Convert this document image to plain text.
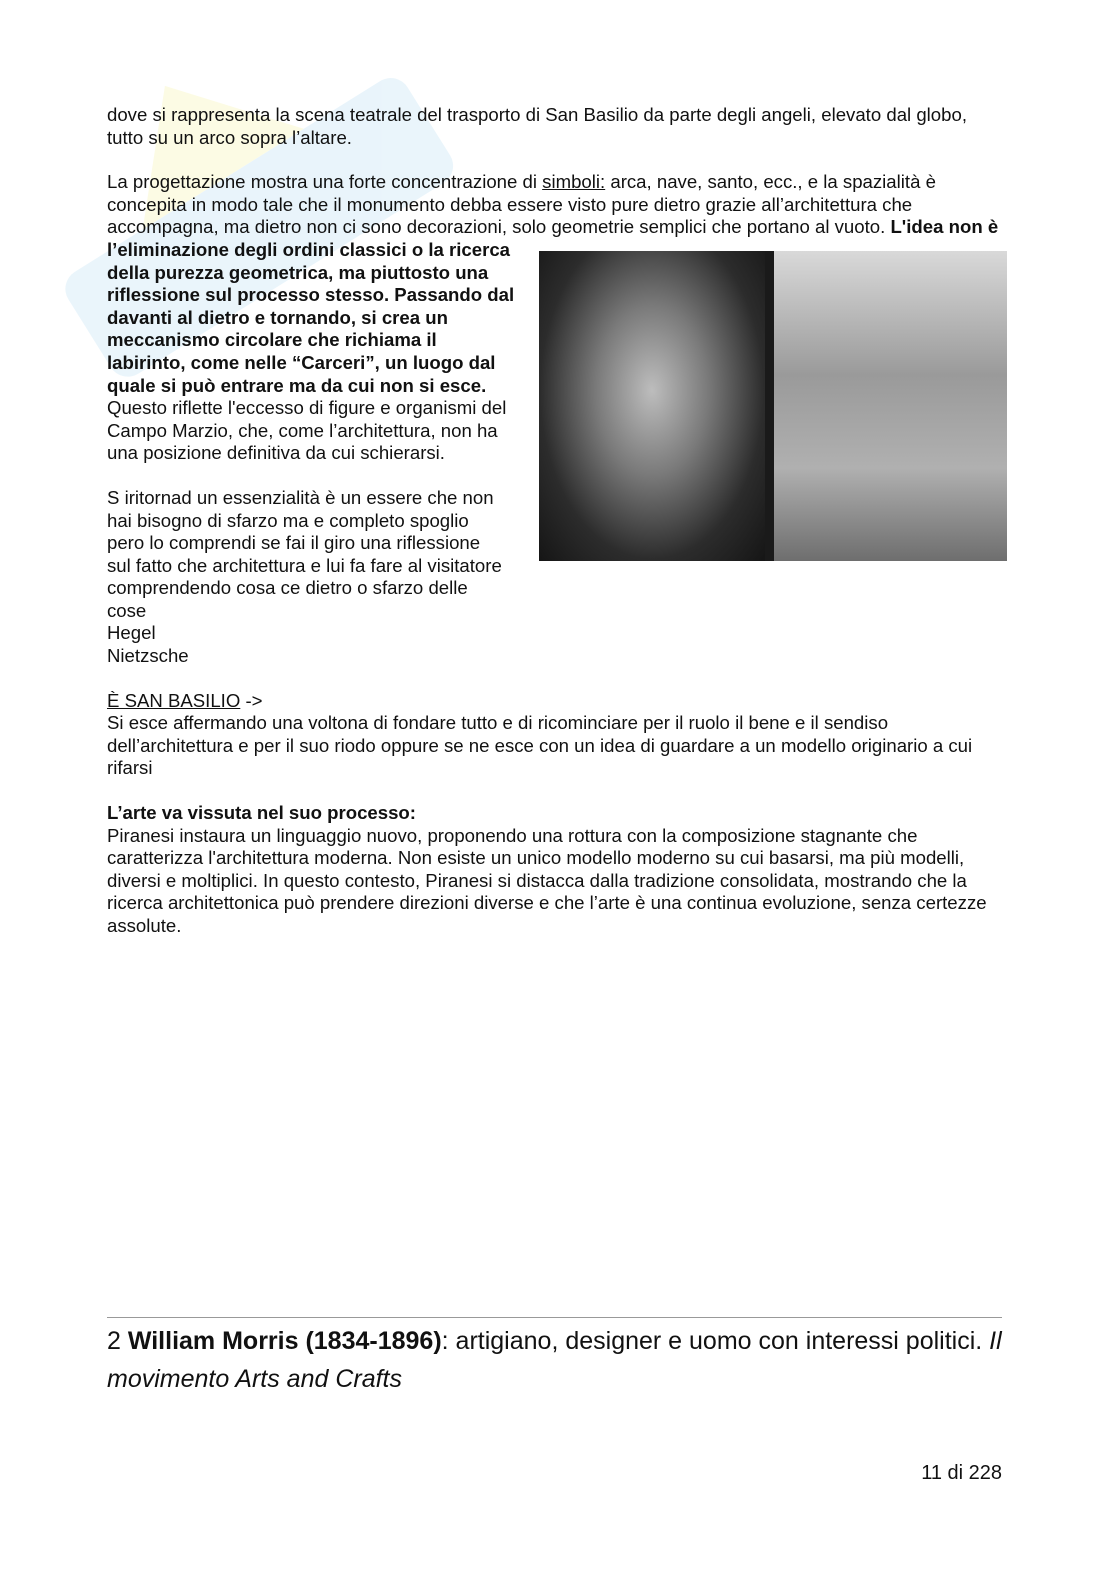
dove si rappresenta la scena teatrale del trasporto di San Basilio da parte degli angeli, elevato dal globo, tutto su un arco sopra l’altare.

La progettazione mostra una forte concentrazione di simboli: arca, nave, santo, ecc., e la spazialità è concepita in modo tale che il monumento debba essere visto pure dietro grazie all’architettura che accompagna, ma dietro non ci sono decorazioni, solo geometrie semplici che portano al vuoto.
L'idea non è l’eliminazione degli ordini classici o la ricerca della purezza geometrica, ma piuttosto una riflessione sul processo stesso. Passando dal davanti al dietro e tornando, si crea un meccanismo circolare che richiama il labirinto, come nelle “Carceri”, un luogo dal quale si può entrare ma da cui non si esce. Questo riflette l'eccesso di figure e organismi del Campo Marzio, che, come l’architettura, non ha una posizione definitiva da cui schierarsi.

S iritornad un essenzialità è un essere che non hai bisogno di sfarzo ma e completo spoglio pero lo comprendi se fai il giro una riflessione sul fatto che architettura e lui fa fare al visitatore comprendendo cosa ce dietro o sfarzo delle cose
Hegel
Nietzsche

È SAN BASILIO ->
Si esce affermando una voltona di fondare tutto e di ricominciare per il ruolo il bene e il sendiso dell’architettura e per il suo riodo oppure se ne esce con un idea di guardare a un modello originario a cui rifarsi

L’arte va vissuta nel suo processo:
Piranesi instaura un linguaggio nuovo, proponendo una rottura con la composizione stagnante che caratterizza l'architettura moderna. Non esiste un unico modello moderno su cui basarsi, ma più modelli, diversi e moltiplici. In questo contesto, Piranesi si distacca dalla tradizione consolidata, mostrando che la ricerca architettonica può prendere direzioni diverse e che l’arte è una continua evoluzione, senza certezze assolute.

2 William Morris (1834-1896): artigiano, designer e uomo con interessi politici. Il movimento Arts and Crafts

11 di 228
